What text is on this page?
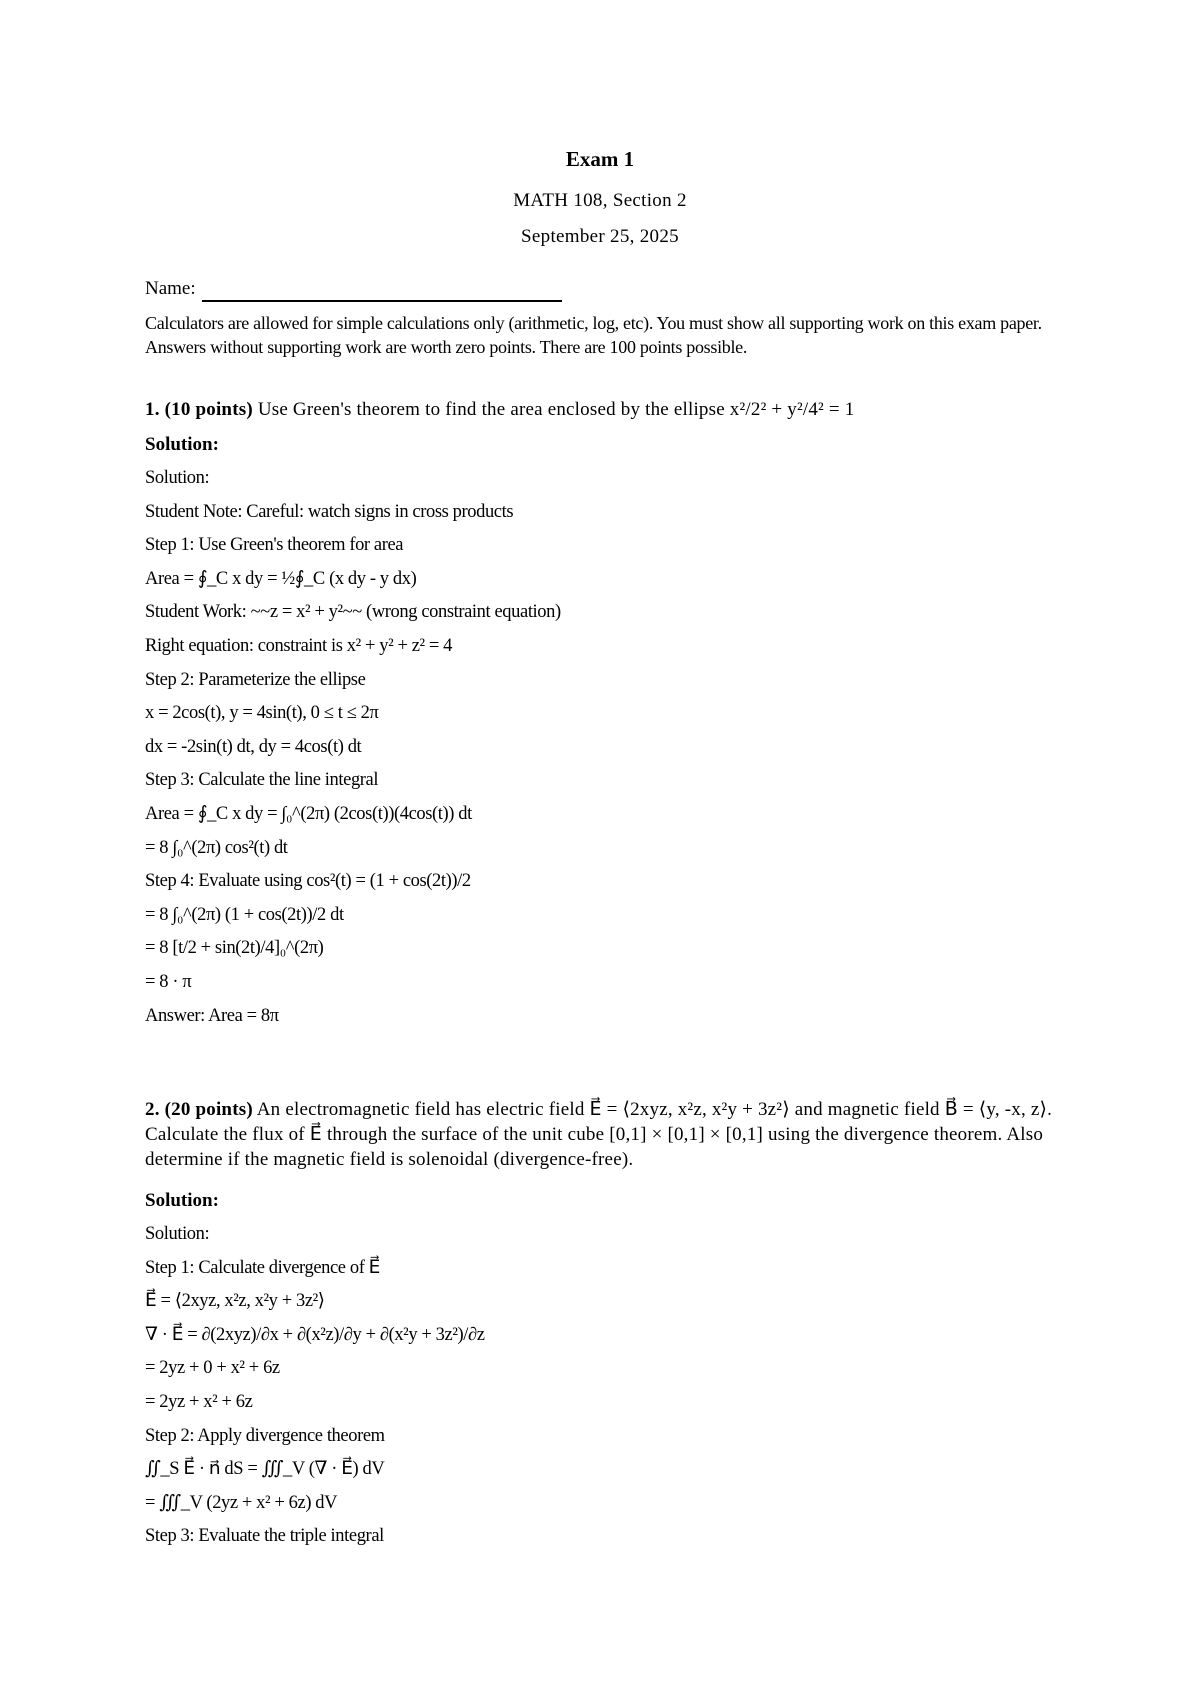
Exam 1
MATH 108, Section 2
September 25, 2025
Name:
Calculators are allowed for simple calculations only (arithmetic, log, etc). You must show all supporting work on this exam paper. Answers without supporting work are worth zero points. There are 100 points possible.
1. (10 points) Use Green's theorem to find the area enclosed by the ellipse x²/2² + y²/4² = 1
Solution:
Solution:
Student Note: Careful: watch signs in cross products
Step 1: Use Green's theorem for area
Area = ∮_C x dy = ½∮_C (x dy - y dx)
Student Work: ~~z = x² + y²~~ (wrong constraint equation)
Right equation: constraint is x² + y² + z² = 4
Step 2: Parameterize the ellipse
x = 2cos(t), y = 4sin(t), 0 ≤ t ≤ 2π
dx = -2sin(t) dt, dy = 4cos(t) dt
Step 3: Calculate the line integral
Area = ∮_C x dy = ∫₀^(2π) (2cos(t))(4cos(t)) dt
= 8 ∫₀^(2π) cos²(t) dt
Step 4: Evaluate using cos²(t) = (1 + cos(2t))/2
= 8 ∫₀^(2π) (1 + cos(2t))/2 dt
= 8 [t/2 + sin(2t)/4]₀^(2π)
= 8 · π
Answer: Area = 8π
2. (20 points) An electromagnetic field has electric field E⃗ = ⟨2xyz, x²z, x²y + 3z²⟩ and magnetic field B⃗ = ⟨y, -x, z⟩. Calculate the flux of E⃗ through the surface of the unit cube [0,1] × [0,1] × [0,1] using the divergence theorem. Also determine if the magnetic field is solenoidal (divergence-free).
Solution:
Solution:
Step 1: Calculate divergence of E⃗
E⃗ = ⟨2xyz, x²z, x²y + 3z²⟩
∇ · E⃗ = ∂(2xyz)/∂x + ∂(x²z)/∂y + ∂(x²y + 3z²)/∂z
= 2yz + 0 + x² + 6z
= 2yz + x² + 6z
Step 2: Apply divergence theorem
∬_S E⃗ · n⃗ dS = ∭_V (∇ · E⃗) dV
= ∭_V (2yz + x² + 6z) dV
Step 3: Evaluate the triple integral
